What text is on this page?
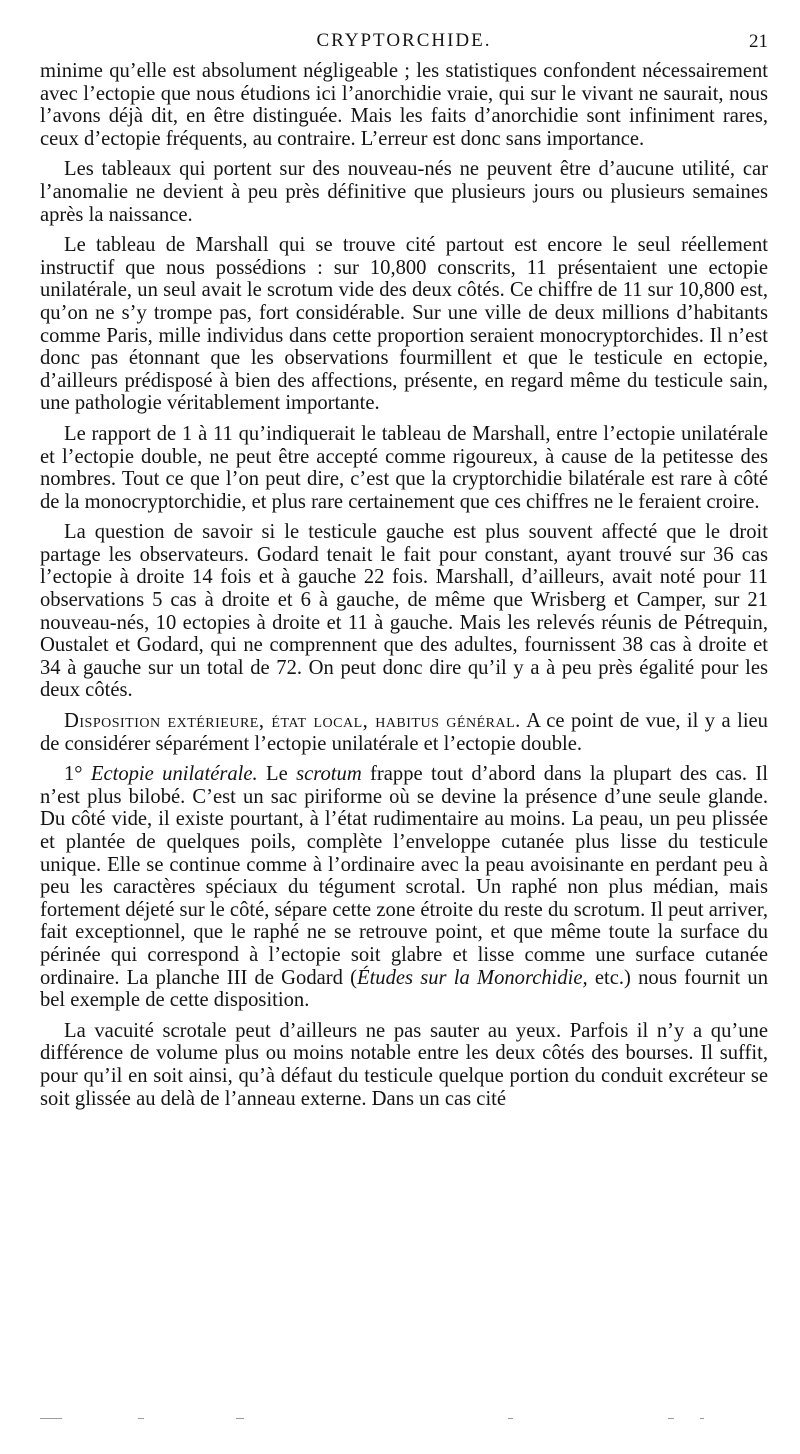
CRYPTORCHIDE.	21

minime qu’elle est absolument négligeable ; les statistiques confondent nécessairement avec l’ectopie que nous étudions ici l’anorchidie vraie, qui sur le vivant ne saurait, nous l’avons déjà dit, en être distinguée. Mais les faits d’anorchidie sont infiniment rares, ceux d’ectopie fréquents, au contraire. L’erreur est donc sans importance.

Les tableaux qui portent sur des nouveau-nés ne peuvent être d’aucune utilité, car l’anomalie ne devient à peu près définitive que plusieurs jours ou plusieurs semaines après la naissance.

Le tableau de Marshall qui se trouve cité partout est encore le seul réellement instructif que nous possédions : sur 10,800 conscrits, 11 présentaient une ectopie unilatérale, un seul avait le scrotum vide des deux côtés. Ce chiffre de 11 sur 10,800 est, qu’on ne s’y trompe pas, fort considérable. Sur une ville de deux millions d’habitants comme Paris, mille individus dans cette proportion seraient monocryptorchides. Il n’est donc pas étonnant que les observations fourmillent et que le testicule en ectopie, d’ailleurs prédisposé à bien des affections, présente, en regard même du testicule sain, une pathologie véritablement importante.

Le rapport de 1 à 11 qu’indiquerait le tableau de Marshall, entre l’ectopie unilatérale et l’ectopie double, ne peut être accepté comme rigoureux, à cause de la petitesse des nombres. Tout ce que l’on peut dire, c’est que la cryptorchidie bilatérale est rare à côté de la monocryptorchidie, et plus rare certainement que ces chiffres ne le feraient croire.

La question de savoir si le testicule gauche est plus souvent affecté que le droit partage les observateurs. Godard tenait le fait pour constant, ayant trouvé sur 36 cas l’ectopie à droite 14 fois et à gauche 22 fois. Marshall, d’ailleurs, avait noté pour 11 observations 5 cas à droite et 6 à gauche, de même que Wrisberg et Camper, sur 21 nouveau-nés, 10 ectopies à droite et 11 à gauche. Mais les relevés réunis de Pétrequin, Oustalet et Godard, qui ne comprennent que des adultes, fournissent 38 cas à droite et 34 à gauche sur un total de 72. On peut donc dire qu’il y a à peu près égalité pour les deux côtés.

Disposition extérieure, état local, habitus général. A ce point de vue, il y a lieu de considérer séparément l’ectopie unilatérale et l’ectopie double.

1° Ectopie unilatérale. Le scrotum frappe tout d’abord dans la plupart des cas. Il n’est plus bilobé. C’est un sac piriforme où se devine la présence d’une seule glande. Du côté vide, il existe pourtant, à l’état rudimentaire au moins. La peau, un peu plissée et plantée de quelques poils, complète l’enveloppe cutanée plus lisse du testicule unique. Elle se continue comme à l’ordinaire avec la peau avoisinante en perdant peu à peu les caractères spéciaux du tégument scrotal. Un raphé non plus médian, mais fortement déjeté sur le côté, sépare cette zone étroite du reste du scrotum. Il peut arriver, fait exceptionnel, que le raphé ne se retrouve point, et que même toute la surface du périnée qui correspond à l’ectopie soit glabre et lisse comme une surface cutanée ordinaire. La planche III de Godard (Études sur la Monorchidie, etc.) nous fournit un bel exemple de cette disposition.

La vacuité scrotale peut d’ailleurs ne pas sauter au yeux. Parfois il n’y a qu’une différence de volume plus ou moins notable entre les deux côtés des bourses. Il suffit, pour qu’il en soit ainsi, qu’à défaut du testicule quelque portion du conduit excréteur se soit glissée au delà de l’anneau externe. Dans un cas cité
